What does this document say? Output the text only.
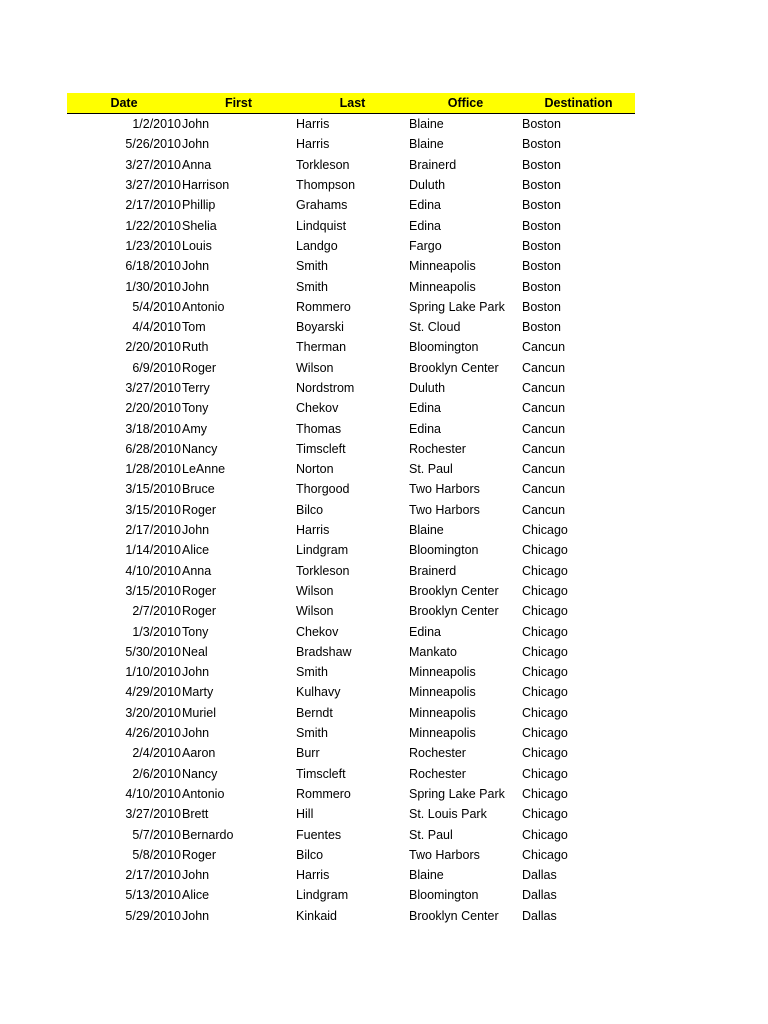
Date	First	Last	Office	Destination
1/2/2010 John	Harris	Blaine	Boston
5/26/2010 John	Harris	Blaine	Boston
3/27/2010 Anna	Torkleson	Brainerd	Boston
3/27/2010 Harrison	Thompson	Duluth	Boston
2/17/2010 Phillip	Grahams	Edina	Boston
1/22/2010 Shelia	Lindquist	Edina	Boston
1/23/2010 Louis	Landgo	Fargo	Boston
6/18/2010 John	Smith	Minneapolis	Boston
1/30/2010 John	Smith	Minneapolis	Boston
5/4/2010 Antonio	Rommero	Spring Lake Park	Boston
4/4/2010 Tom	Boyarski	St. Cloud	Boston
2/20/2010 Ruth	Therman	Bloomington	Cancun
6/9/2010 Roger	Wilson	Brooklyn Center	Cancun
3/27/2010 Terry	Nordstrom	Duluth	Cancun
2/20/2010 Tony	Chekov	Edina	Cancun
3/18/2010 Amy	Thomas	Edina	Cancun
6/28/2010 Nancy	Timscleft	Rochester	Cancun
1/28/2010 LeAnne	Norton	St. Paul	Cancun
3/15/2010 Bruce	Thorgood	Two Harbors	Cancun
3/15/2010 Roger	Bilco	Two Harbors	Cancun
2/17/2010 John	Harris	Blaine	Chicago
1/14/2010 Alice	Lindgram	Bloomington	Chicago
4/10/2010 Anna	Torkleson	Brainerd	Chicago
3/15/2010 Roger	Wilson	Brooklyn Center	Chicago
2/7/2010 Roger	Wilson	Brooklyn Center	Chicago
1/3/2010 Tony	Chekov	Edina	Chicago
5/30/2010 Neal	Bradshaw	Mankato	Chicago
1/10/2010 John	Smith	Minneapolis	Chicago
4/29/2010 Marty	Kulhavy	Minneapolis	Chicago
3/20/2010 Muriel	Berndt	Minneapolis	Chicago
4/26/2010 John	Smith	Minneapolis	Chicago
2/4/2010 Aaron	Burr	Rochester	Chicago
2/6/2010 Nancy	Timscleft	Rochester	Chicago
4/10/2010 Antonio	Rommero	Spring Lake Park	Chicago
3/27/2010 Brett	Hill	St. Louis Park	Chicago
5/7/2010 Bernardo	Fuentes	St. Paul	Chicago
5/8/2010 Roger	Bilco	Two Harbors	Chicago
2/17/2010 John	Harris	Blaine	Dallas
5/13/2010 Alice	Lindgram	Bloomington	Dallas
5/29/2010 John	Kinkaid	Brooklyn Center	Dallas
